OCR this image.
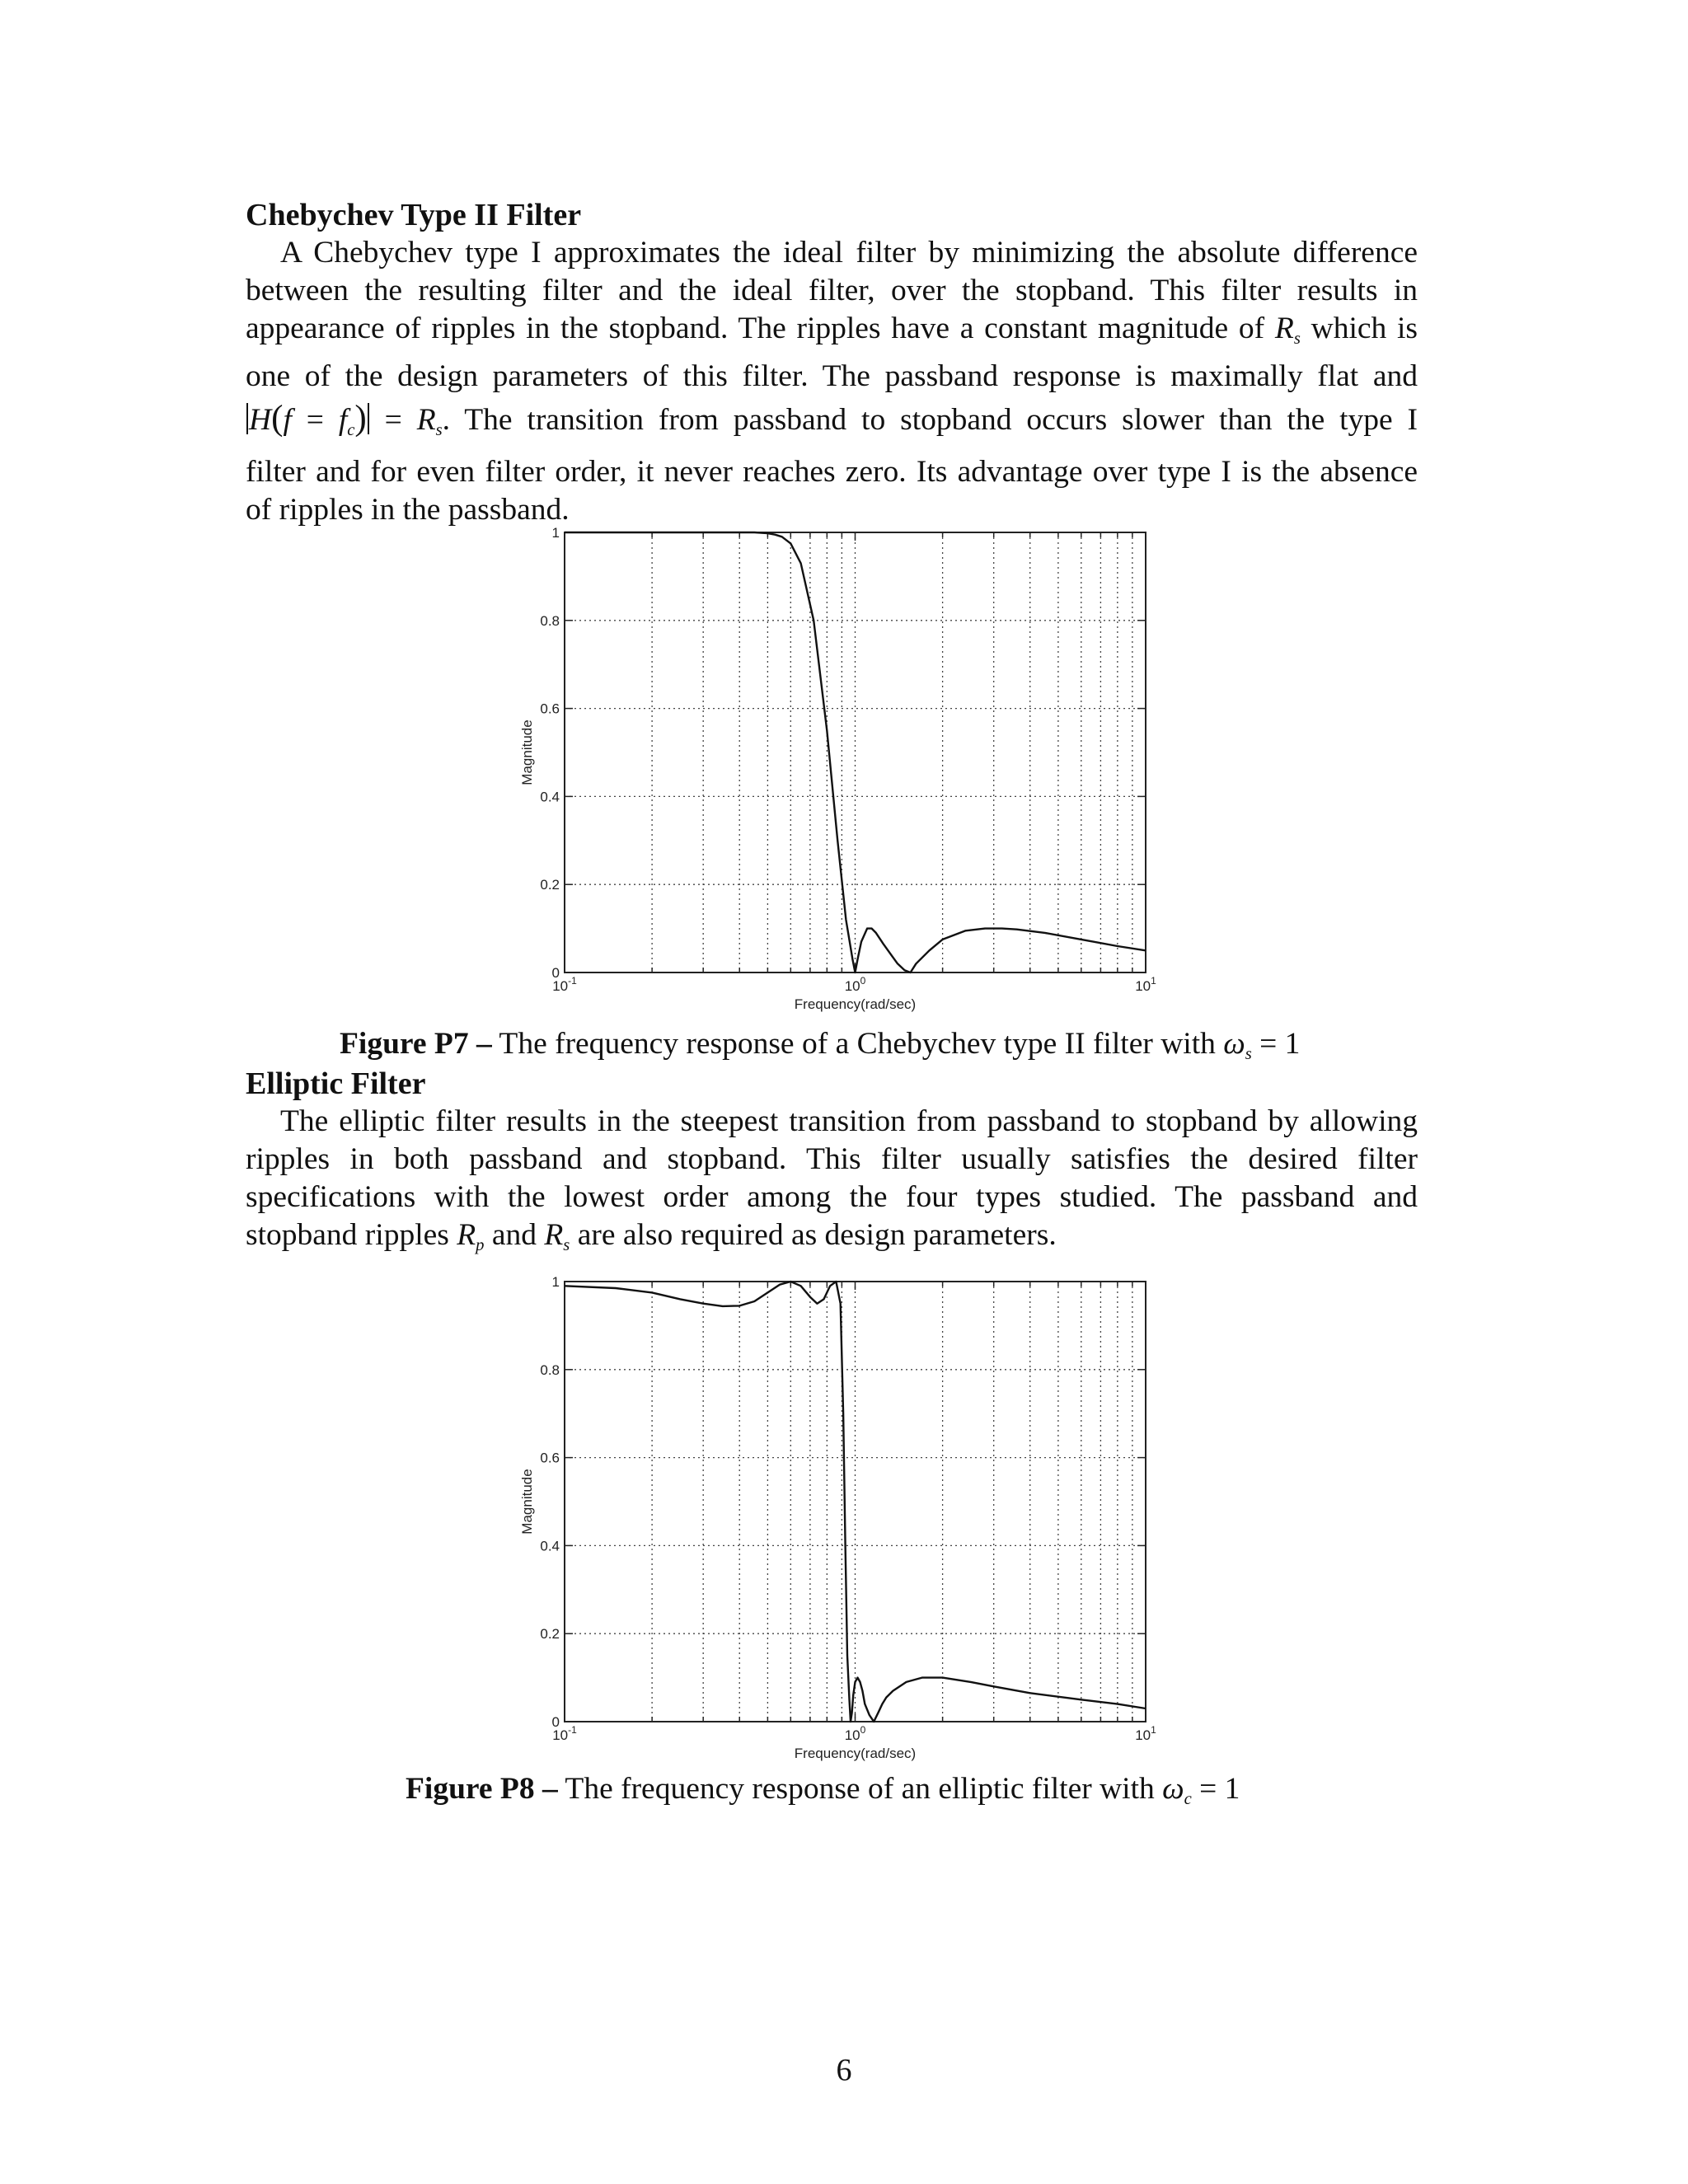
Chebychev Type II Filter

A Chebychev type I approximates the ideal filter by minimizing the absolute difference
between the resulting filter and the ideal filter, over the stopband. This filter results in
appearance of ripples in the stopband. The ripples have a constant magnitude of $R_s$ which is
one of the design parameters of this filter. The passband response is maximally flat and
$H(f = f_c) = R_s$. The transition from passband to stopband occurs slower than the type I
filter and for even filter order, it never reaches zero. Its advantage over type I is the absence
of ripples in the passband.

0
0.2
0.4
0.6
0.8
1
$10^{-1}$	$10^0$	$10^1$
Frequency(rad/sec)
Magnitude
Figure P7 – The frequency response of a Chebychev type II filter with $\omega_s = 1$
Elliptic Filter

The elliptic filter results in the steepest transition from passband to stopband by allowing
ripples in both passband and stopband. This filter usually satisfies the desired filter
specifications with the lowest order among the four types studied. The passband and
stopband ripples $R_p$ and $R_s$ are also required as design parameters.

0
0.2
0.4
0.6
0.8
1
$10^{-1}$	$10^0$	$10^1$
Frequency(rad/sec)
Magnitude
Figure P8 – The frequency response of an elliptic filter with $\omega_c = 1$
6
